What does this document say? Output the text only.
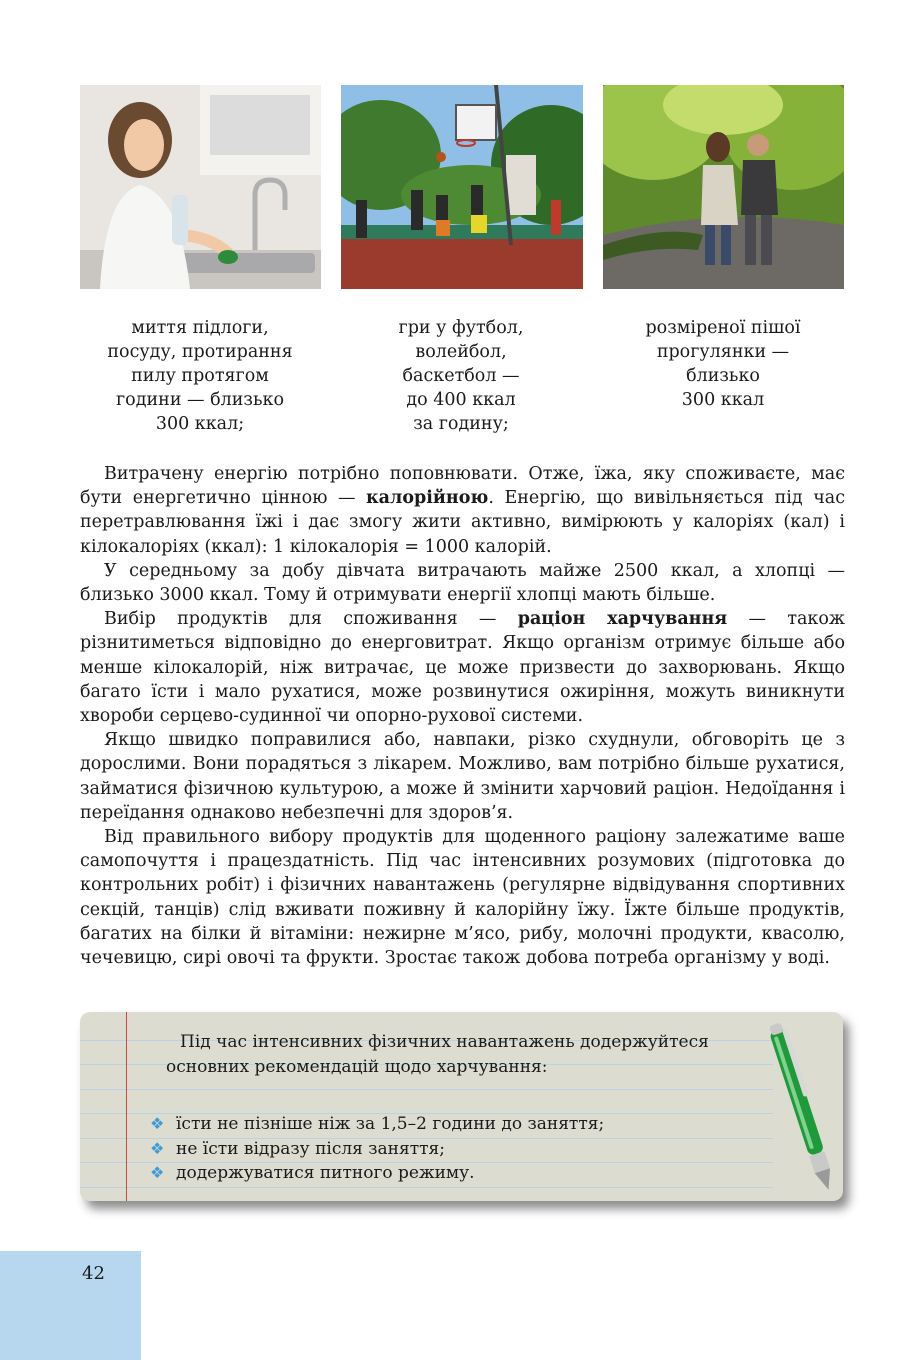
миття підлоги,
посуду, протирання
пилу протягом
години — близько
300 ккал;
гри у футбол,
волейбол,
баскетбол —
до 400 ккал
за годину;
розміреної пішої
прогулянки —
близько
300 ккал

Витрачену енергію потрібно поповнювати. Отже, їжа, яку споживаєте, має бути енергетично цінною — калорійною. Енергію, що вивільняється під час перетравлювання їжі і дає змогу жити активно, вимірюють у калоріях (кал) і кілокалоріях (ккал): 1 кілокалорія = 1000 калорій.

У середньому за добу дівчата витрачають майже 2500 ккал, а хлопці — близько 3000 ккал. Тому й отримувати енергії хлопці мають більше.

Вибір продуктів для споживання — раціон харчування — також різнитиметься відповідно до енерговитрат. Якщо організм отримує більше або менше кілокалорій, ніж витрачає, це може призвести до захворювань. Якщо багато їсти і мало рухатися, може розвинутися ожиріння, можуть виникнути хвороби серцево-судинної чи опорно-рухової системи.

Якщо швидко поправилися або, навпаки, різко схуднули, обговоріть це з дорослими. Вони порадяться з лікарем. Можливо, вам потрібно більше рухатися, займатися фізичною культурою, а може й змінити харчовий раціон. Недоїдання і переїдання однаково небезпечні для здоров’я.

Від правильного вибору продуктів для щоденного раціону залежатиме ваше самопочуття і працездатність. Під час інтенсивних розумових (підготовка до контрольних робіт) і фізичних навантажень (регулярне відвідування спортивних секцій, танців) слід вживати поживну й калорійну їжу. Їжте більше продуктів, багатих на білки й вітаміни: нежирне м’ясо, рибу, молочні продукти, квасолю, чечевицю, сирі овочі та фрукти. Зростає також добова потреба організму у воді.

Під час інтенсивних фізичних навантажень додержуйтеся основних рекомендацій щодо харчування:

❖ їсти не пізніше ніж за 1,5–2 години до заняття;
❖ не їсти відразу після заняття;
❖ додержуватися питного режиму.
42
